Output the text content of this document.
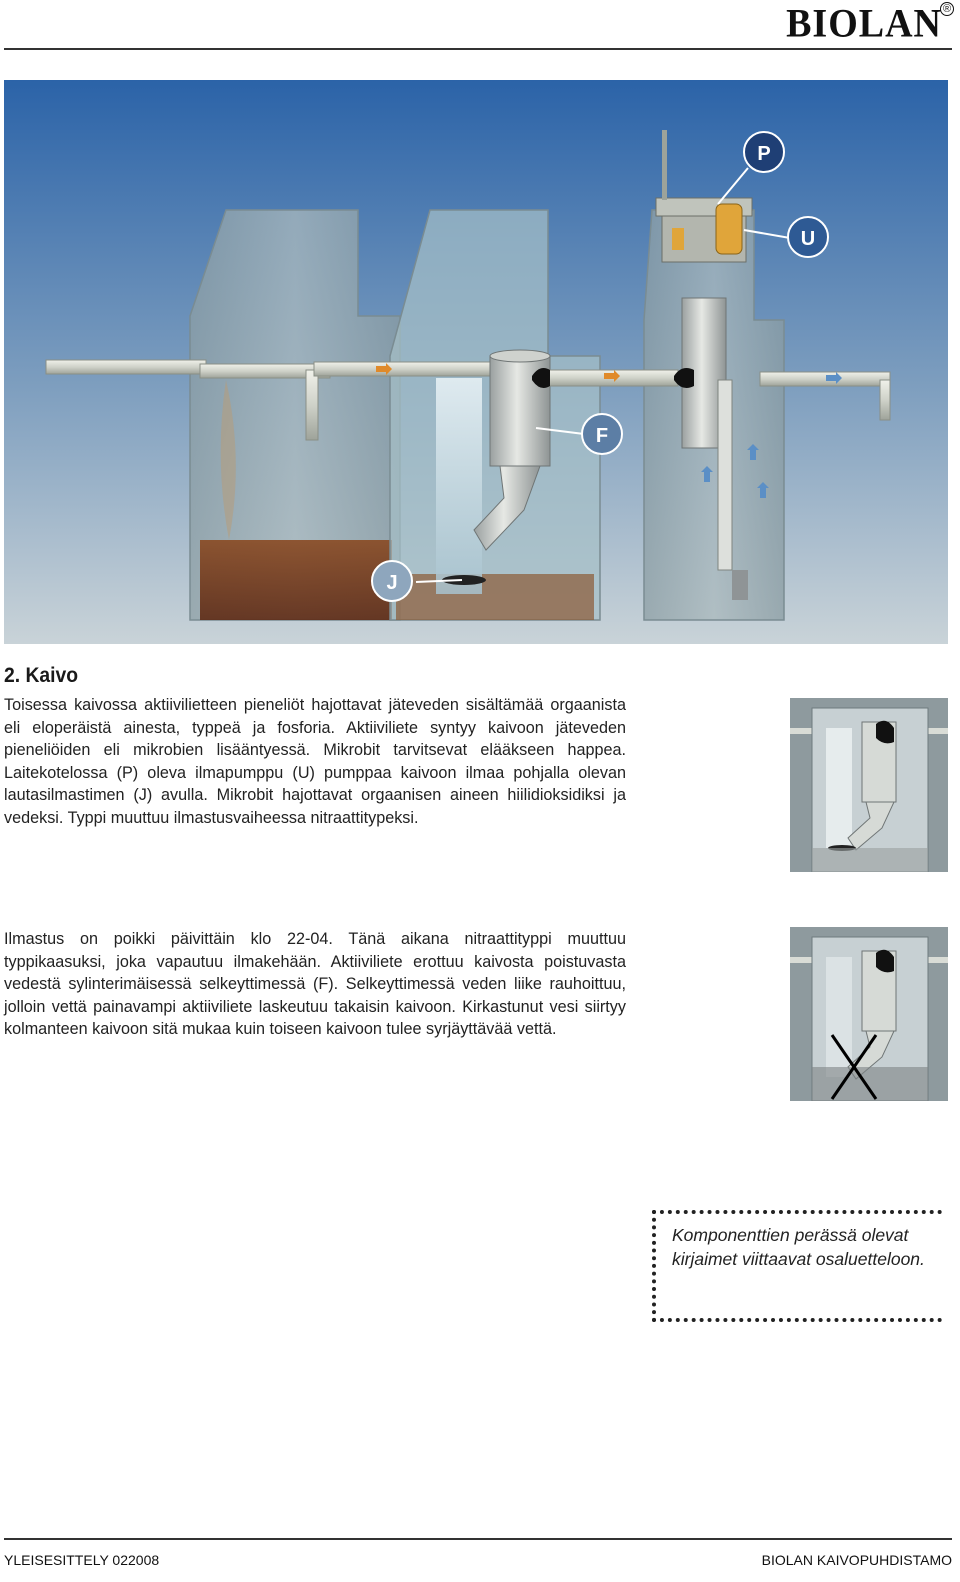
BIOLAN ®
P
U
F
J
2. Kaivo

Toisessa kaivossa aktiivilietteen pieneliöt hajottavat jäteveden sisältämää orgaanista eli eloperäistä ainesta, typpeä ja fosforia. Aktiiviliete syntyy kaivoon jäteveden pieneliöiden eli mikrobien lisääntyessä. Mikrobit tarvitsevat elääkseen happea. Laitekotelossa (P) oleva ilmapumppu (U) pumppaa kaivoon ilmaa pohjalla olevan lautasilmastimen (J) avulla. Mikrobit hajottavat orgaanisen aineen hiilidioksidiksi ja vedeksi. Typpi muuttuu ilmastusvaiheessa nitraattitypeksi.

Ilmastus on poikki päivittäin klo 22-04. Tänä aikana nitraattityppi muuttuu typpikaasuksi, joka vapautuu ilmakehään. Aktiiviliete erottuu kaivosta poistuvasta vedestä sylinterimäisessä selkeyttimessä (F). Selkeyttimessä veden liike rauhoittuu, jolloin vettä painavampi aktiiviliete laskeutuu takaisin kaivoon. Kirkastunut vesi siirtyy kolmanteen kaivoon sitä mukaa kuin toiseen kaivoon tulee syrjäyttävää vettä.

Komponenttien perässä olevat kirjaimet viittaavat osaluetteloon.

YLEISESITTELY 022008	BIOLAN KAIVOPUHDISTAMO
